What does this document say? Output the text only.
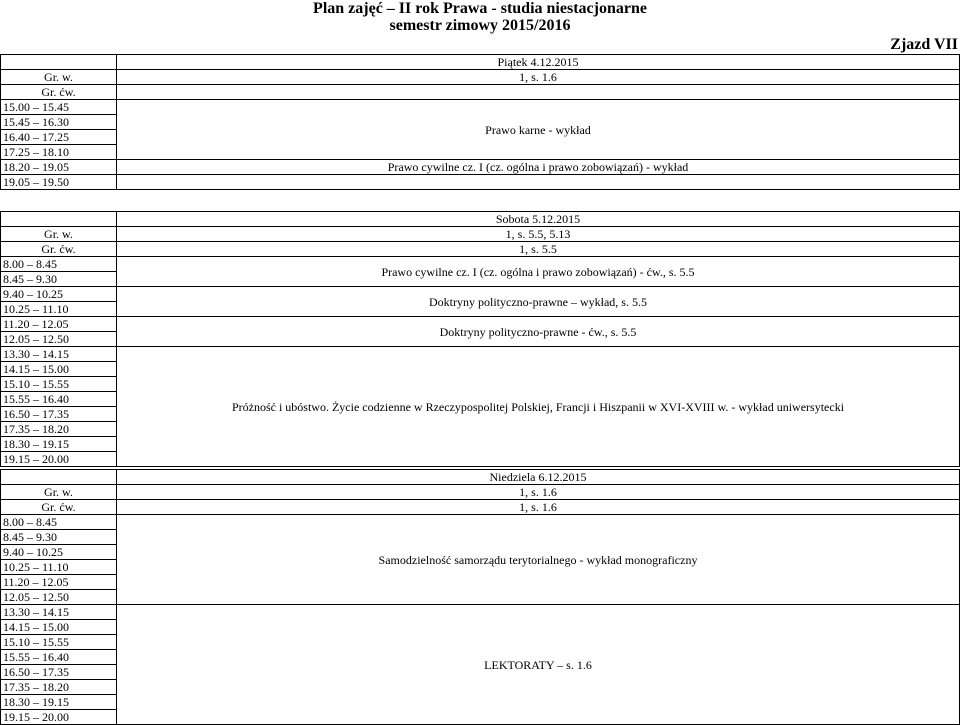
Plan zajęć – II rok Prawa - studia niestacjonarne
semestr zimowy 2015/2016
Zjazd VII
	Piątek 4.12.2015
Gr. w.	1, s. 1.6
Gr. ćw.	
15.00 – 15.45	Prawo karne - wykład
15.45 – 16.30	
16.40 – 17.25	
17.25 – 18.10	
18.20 – 19.05	Prawo cywilne cz. I (cz. ogólna i prawo zobowiązań) - wykład
19.05 – 19.50	
	Sobota 5.12.2015
Gr. w.	1, s. 5.5, 5.13
Gr. ćw.	1, s. 5.5
8.00 – 8.45	Prawo cywilne cz. I (cz. ogólna i prawo zobowiązań) - ćw., s. 5.5
8.45 – 9.30	
9.40 – 10.25	Doktryny polityczno-prawne – wykład, s. 5.5
10.25 – 11.10	
11.20 – 12.05	Doktryny polityczno-prawne - ćw., s. 5.5
12.05 – 12.50	
13.30 – 14.15	Próżność i ubóstwo. Życie codzienne w Rzeczypospolitej Polskiej, Francji i Hiszpanii w XVI-XVIII w. - wykład uniwersytecki
14.15 – 15.00	
15.10 – 15.55	
15.55 – 16.40	
16.50 – 17.35	
17.35 – 18.20	
18.30 – 19.15	
19.15 – 20.00	
	Niedziela 6.12.2015
Gr. w.	1, s. 1.6
Gr. ćw.	1, s. 1.6
8.00 – 8.45	Samodzielność samorządu terytorialnego - wykład monograficzny
8.45 – 9.30	
9.40 – 10.25	
10.25 – 11.10	
11.20 – 12.05	
12.05 – 12.50	
13.30 – 14.15	LEKTORATY – s. 1.6
14.15 – 15.00	
15.10 – 15.55	
15.55 – 16.40	
16.50 – 17.35	
17.35 – 18.20	
18.30 – 19.15	
19.15 – 20.00	
